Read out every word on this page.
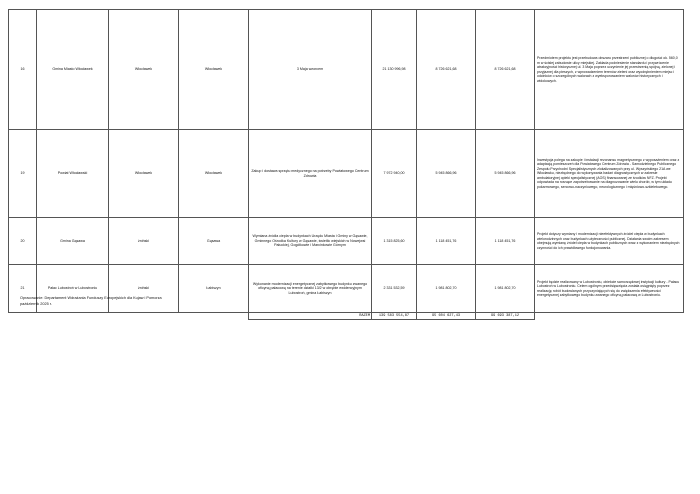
16	Gmina Miasto Włocławek	Włocławek	Włocławek	3 Maja wzorcem	21 130 996,98	8 726 621,68	8 726 621,68	Przedmiotem projektu jest przebudowa obszaru przestrzeni publicznej o długości ok. 560,0 m w ścisłej zabudowie ulicy miejskiej. Zakłada podniesienie standardu i przywrócenie atrakcyjności historycznej ul. 3 Maja poprzez uczynienie jej przestrzenią spójną, zielonej i przyjaznej dla pieszych, z wprowadzeniem terenów zieleni oraz wyodrębnieniem miejsc i odcinków o szczególnych walorach z wyeksponowaniem walorów historycznych i widokowych.
19	Powiat Włocławski	Włocławek	Włocławek	Zakup i dostawa sprzętu medycznego na potrzeby Powiatowego Centrum Zdrowia	7 972 940,00	5 945 866,96	5 945 866,96	Inwestycja polega na zakupie i instalacji rezonansu magnetycznego z wyposażeniem oraz z adaptacją pomieszczeń dla Powiatowego Centrum Zdrowia - Samodzielnego Publicznego Zespołu Przychodni Specjalistycznych zlokalizowanych przy ul. Wyszyńskiego 21A we Włocławku, niezbędnego do wykonywania badań diagnostycznych w zakresie ambulatoryjnej opieki specjalistycznej (AOS) finansowanej ze środków NFZ. Projekt odpowiada na rosnące zapotrzebowanie na diagnozowanie wielu chorób, w tym układu pokarmowego, sercowo-naczyniowego, neurologicznego i mięśniowo-szkieletowego.
20	Gmina Gąsawa	żniński	Gąsawa	Wymiana źródła ciepła w budynkach Urzędu Miasta i Gminy w Gąsawie, Gminnego Ośrodka Kultury w Gąsawie, świetlic wiejskich w Nowejwsi Pałuckiej, Gogółkowie i Marcinkowie Górnym	1 315 825,60	1 118 451,76	1 118 451,76	Projekt dotyczy wymiany i modernizacji nieefektywnych źródeł ciepła w budynkach wielorodzinnych oraz budynkach użyteczności publicznej. Działania swoim zakresem obejmują wymianę źródeł ciepła w budynkach publicznych wraz z wykonaniem niezbędnych czynności do ich prawidłowego funkcjonowania.
21	Pałac Lubostroń w Lubostroniu	żniński	Łabiszyn	Wykonanie modernizacji energetycznej zabytkowego budynku zwanego oficyną pałacową na terenie działki 13/2 w obrębie ewidencyjnym Lubostroń, gmina Łabiszyn	2 331 532,59	1 981 802,70	1 981 802,70	Projekt będzie realizowany w Lubostroniu, obiekcie samorządowej instytucji kultury - Pałacu Lubostroń w Lubostroniu. Celem ogólnym przedsięwzięcia została osiągnięty poprzez realizację robót budowlanych przyczyniających się do zwiększenia efektywności energetycznej zabytkowego budynku zwanego oficyną pałacową w Lubostroniu.
				RAZEM	139 583 554,87	95 604 627,43	99 693 387,12	
Opracowanie: Departament Wdrażania Funduszy Europejskich dla Kujaw i Pomorza
październik 2025 r.
